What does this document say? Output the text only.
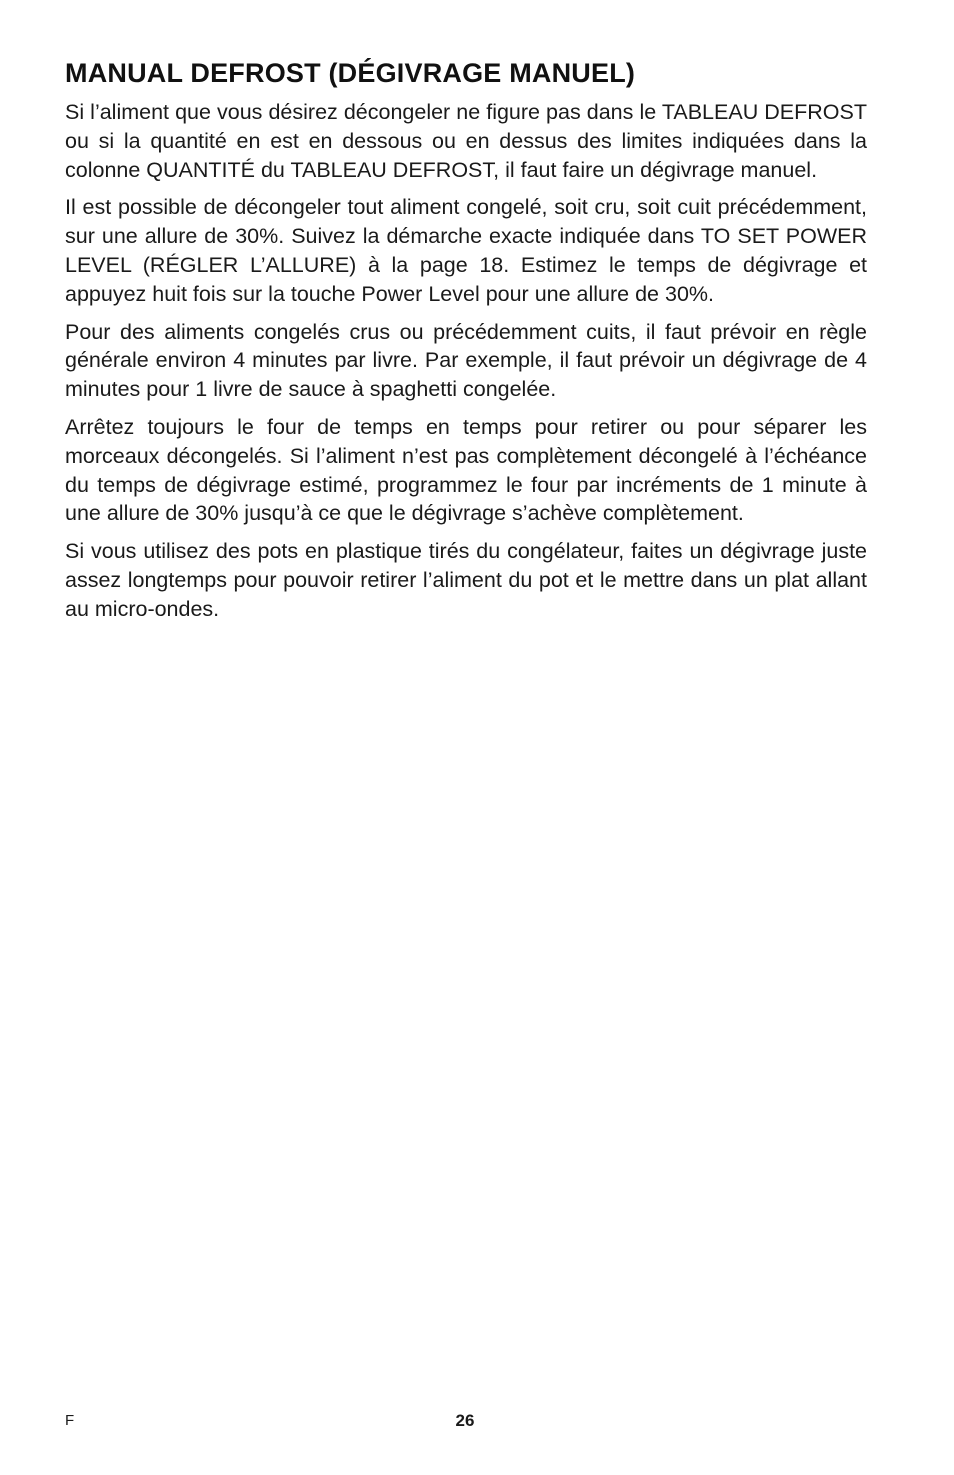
MANUAL DEFROST (DÉGIVRAGE MANUEL)

Si l’aliment que vous désirez décongeler ne figure pas dans le TABLEAU DEFROST ou si la quantité en est en dessous ou en dessus des limites indiquées dans la colonne QUANTITÉ du TABLEAU DEFROST, il faut faire un dégivrage manuel.

Il est possible de décongeler tout aliment congelé, soit cru, soit cuit précédemment, sur une allure de 30%. Suivez la démarche exacte indiquée dans TO SET POWER LEVEL (RÉGLER L’ALLURE) à la page 18. Estimez le temps de dégivrage et appuyez huit fois sur la touche Power Level pour une allure de 30%.

Pour des aliments congelés crus ou précédemment cuits, il faut prévoir en règle générale environ 4 minutes par livre. Par exemple, il faut prévoir un dégivrage de 4 minutes pour 1 livre de sauce à spaghetti congelée.

Arrêtez toujours le four de temps en temps pour retirer ou pour séparer les morceaux décongelés. Si l’aliment n’est pas complètement décongelé à l’échéance du temps de dégivrage estimé, programmez le four par incréments de 1 minute à une allure de 30% jusqu’à ce que le dégivrage s’achève complètement.

Si vous utilisez des pots en plastique tirés du congélateur, faites un dégivrage juste assez longtemps pour pouvoir retirer l’aliment du pot et le mettre dans un plat allant au micro-ondes.

F	26
